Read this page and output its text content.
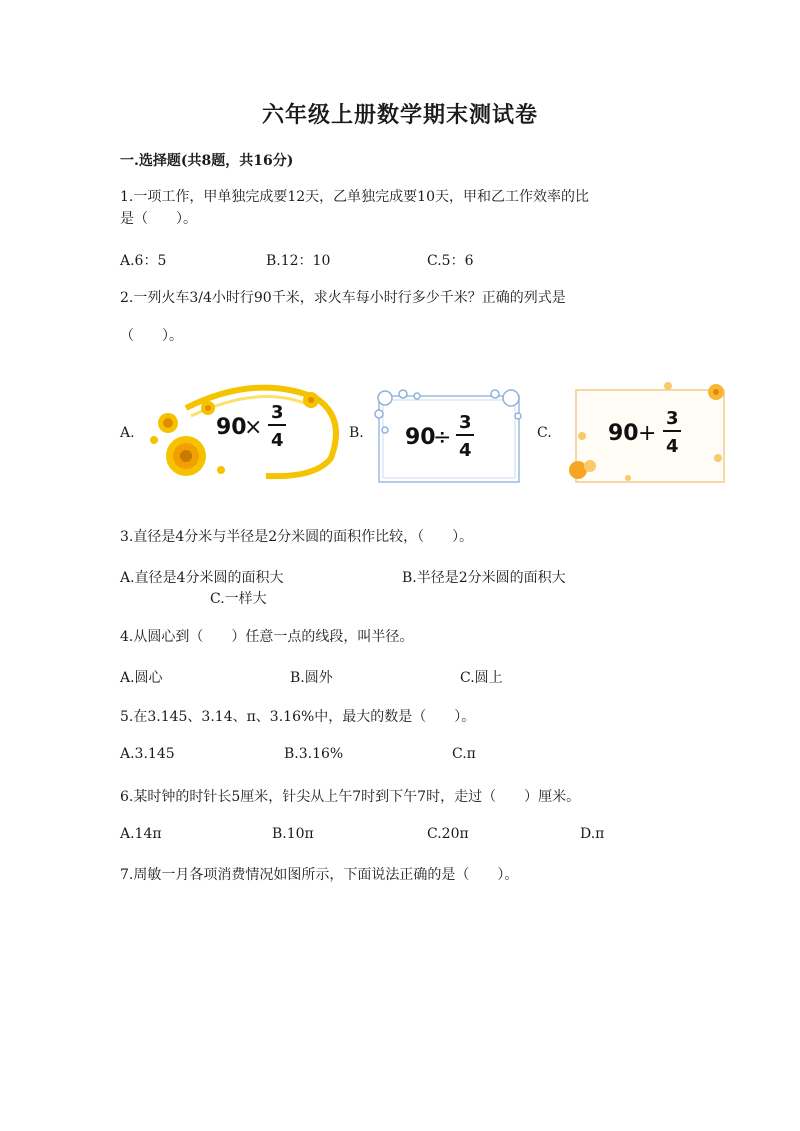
六年级上册数学期末测试卷
一.选择题(共8题，共16分)
1.一项工作，甲单独完成要12天，乙单独完成要10天，甲和乙工作效率的比
是（　　）。
A.6：5	B.12：10	C.5：6
2.一列火车3/4小时行90千米，求火车每小时行多少千米？正确的列式是
（　　）。
A.	B.	C.
90
×
3
4	90
÷
3
4
90 +
3
4
3.直径是4分米与半径是2分米圆的面积作比较，（　　）。
A.直径是4分米圆的面积大	B.半径是2分米圆的面积大
C.一样大
4.从圆心到（　　）任意一点的线段，叫半径。
A.圆心	B.圆外	C.圆上
5.在3.145、3.14、π、3.16%中，最大的数是（　　）。
A.3.145	B.3.16%	C.π
6.某时钟的时针长5厘米，针尖从上午7时到下午7时，走过（　　）厘米。
A.14π	B.10π	C.20π	D.π
7.周敏一月各项消费情况如图所示，下面说法正确的是（　　）。
